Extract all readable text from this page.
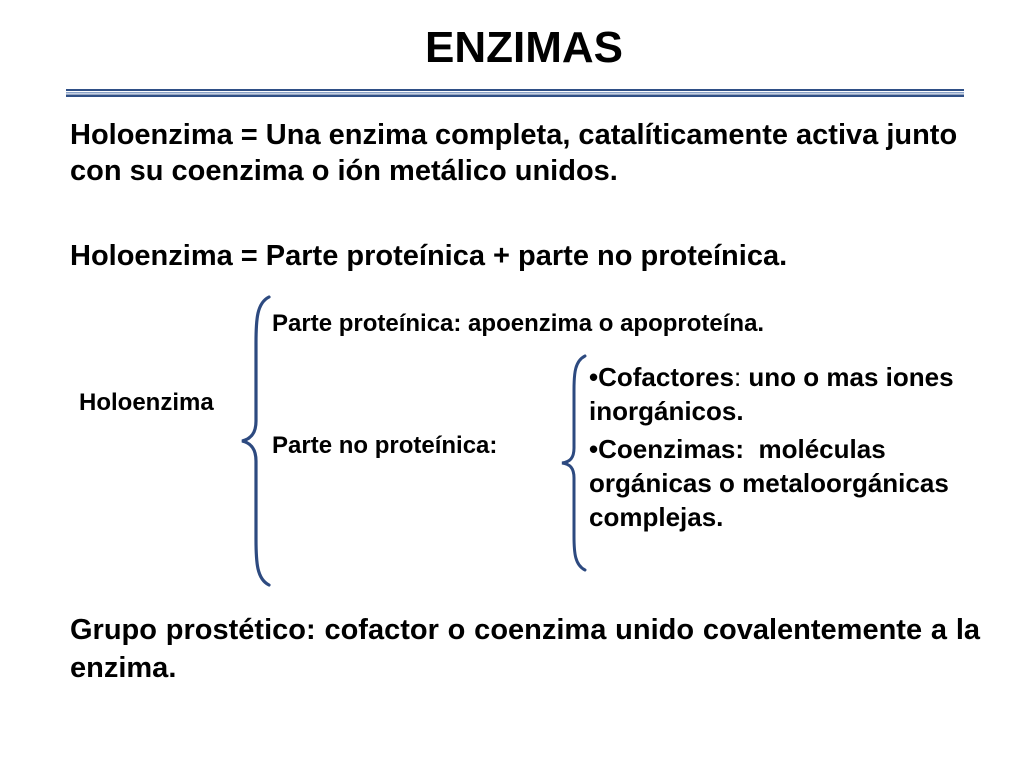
ENZIMAS
Holoenzima = Una enzima completa, catalíticamente activa junto con su coenzima o ión metálico unidos.
Holoenzima = Parte proteínica + parte no proteínica.
Parte proteínica: apoenzima o apoproteína.
Holoenzima
Parte no proteínica:
•Cofactores: uno o mas iones inorgánicos.
•Coenzimas:  moléculas orgánicas o metaloorgánicas complejas.
Grupo prostético: cofactor o coenzima unido covalentemente a la enzima.
